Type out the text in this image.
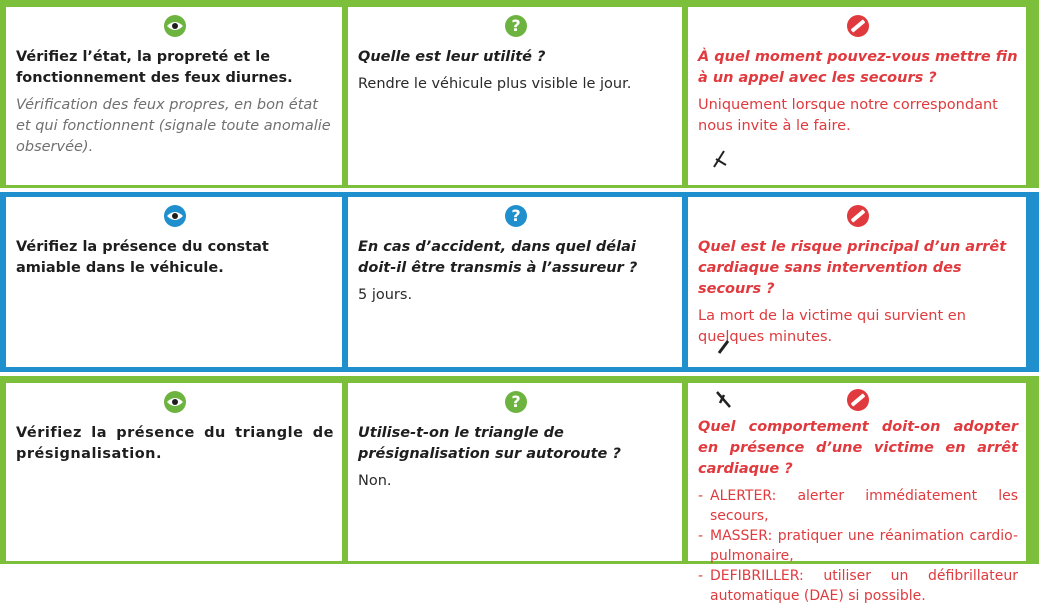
Vérifiez l’état, la propreté et le fonctionnement des feux diurnes.
Vérification des feux propres, en bon état et qui fonctionnent (signale toute anomalie observée).
?
Quelle est leur utilité ?
Rendre le véhicule plus visible le jour.
À quel moment pouvez-vous mettre fin à un appel avec les secours ?
Uniquement lorsque notre correspondant nous invite à le faire.
Vérifiez la présence du constat amiable dans le véhicule.
?
En cas d’accident, dans quel délai doit-il être transmis à l’assureur ?
5 jours.
Quel est le risque principal d’un arrêt cardiaque sans intervention des secours ?
La mort de la victime qui survient en quelques minutes.
Vérifiez la présence du triangle de présignalisation.
?
Utilise-t-on le triangle de présignalisation sur autoroute ?
Non.
Quel comportement doit-on adopter en présence d’une victime en arrêt cardiaque ?
- ALERTER: alerter immédiatement les secours,
- MASSER: pratiquer une réanimation cardio-pulmonaire,
- DEFIBRILLER: utiliser un défibrillateur automatique (DAE) si possible.
